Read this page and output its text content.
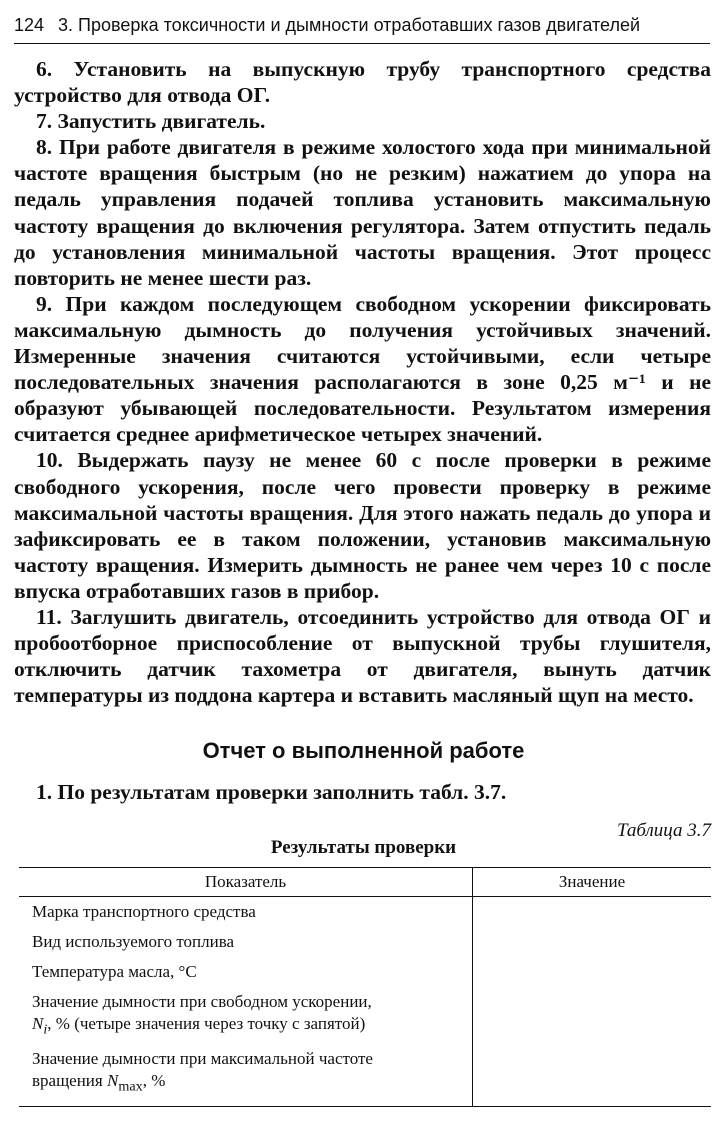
124 3. Проверка токсичности и дымности отработавших газов двигателей

6. Установить на выпускную трубу транспортного средства устройство для отвода ОГ.

7. Запустить двигатель.

8. При работе двигателя в режиме холостого хода при минимальной частоте вращения быстрым (но не резким) нажатием до упора на педаль управления подачей топлива установить максимальную частоту вращения до включения регулятора. Затем отпустить педаль до установления минимальной частоты вращения. Этот процесс повторить не менее шести раз.

9. При каждом последующем свободном ускорении фиксировать максимальную дымность до получения устойчивых значений. Измеренные значения считаются устойчивыми, если четыре последовательных значения располагаются в зоне 0,25 м⁻¹ и не образуют убывающей последовательности. Результатом измерения считается среднее арифметическое четырех значений.

10. Выдержать паузу не менее 60 с после проверки в режиме свободного ускорения, после чего провести проверку в режиме максимальной частоты вращения. Для этого нажать педаль до упора и зафиксировать ее в таком положении, установив максимальную частоту вращения. Измерить дымность не ранее чем через 10 с после впуска отработавших газов в прибор.

11. Заглушить двигатель, отсоединить устройство для отвода ОГ и пробоотборное приспособление от выпускной трубы глушителя, отключить датчик тахометра от двигателя, вынуть датчик температуры из поддона картера и вставить масляный щуп на место.

Отчет о выполненной работе
1. По результатам проверки заполнить табл. 3.7.
Таблица 3.7
Результаты проверки
Показатель	Значение
Марка транспортного средства	
Вид используемого топлива	
Температура масла, °С	
Значение дымности при свободном ускорении,
$N_i$, % (четыре значения через точку с запятой)	
Значение дымности при максимальной частоте
вращения $N_{max}$, %	
